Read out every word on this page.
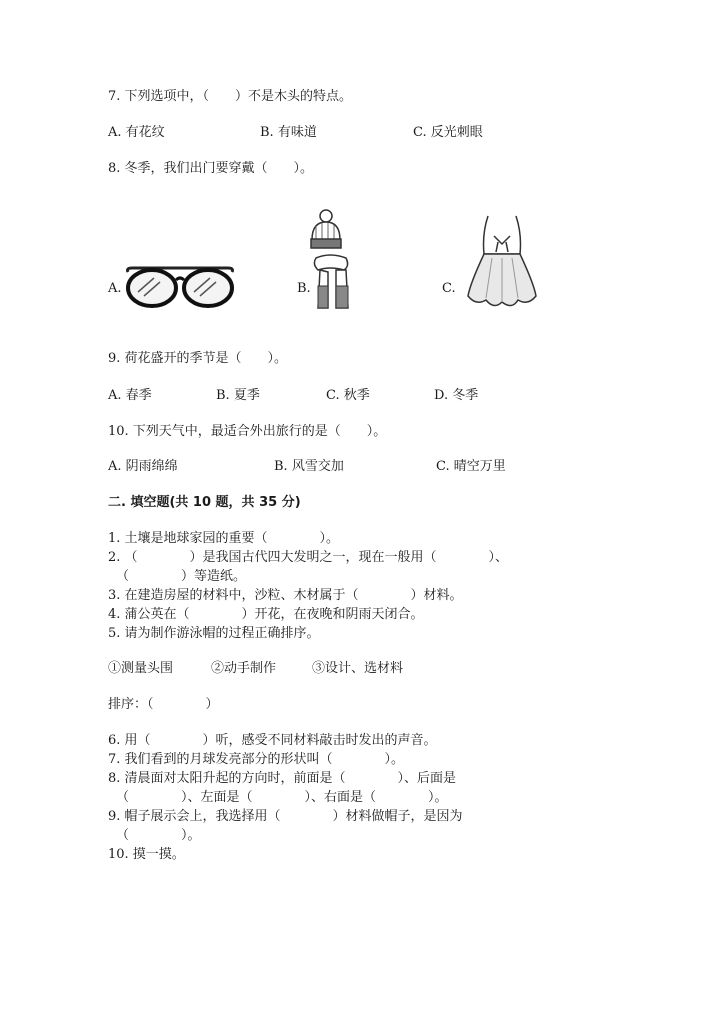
7. 下列选项中，（　　）不是木头的特点。
A. 有花纹	B. 有味道	C. 反光刺眼
8. 冬季，我们出门要穿戴（　　）。
A.	B.	C.
9. 荷花盛开的季节是（　　）。
A. 春季	B. 夏季	C. 秋季	D. 冬季
10. 下列天气中，最适合外出旅行的是（　　）。
A. 阴雨绵绵	B. 风雪交加	C. 晴空万里
二. 填空题(共 10 题，共 35 分)
1. 土壤是地球家园的重要（　　　　）。
2. （　　　　）是我国古代四大发明之一，现在一般用（　　　　）、
（　　　　）等造纸。
3. 在建造房屋的材料中，沙粒、木材属于（　　　　）材料。
4. 蒲公英在（　　　　）开花，在夜晚和阴雨天闭合。
5. 请为制作游泳帽的过程正确排序。
①测量头围	②动手制作	③设计、选材料
排序：（　　　　）
6. 用（　　　　）听，感受不同材料敲击时发出的声音。
7. 我们看到的月球发亮部分的形状叫（　　　　）。
8. 清晨面对太阳升起的方向时，前面是（　　　　）、后面是
（　　　　）、左面是（　　　　）、右面是（　　　　）。
9. 帽子展示会上，我选择用（　　　　）材料做帽子，是因为
（　　　　）。
10. 摸一摸。
